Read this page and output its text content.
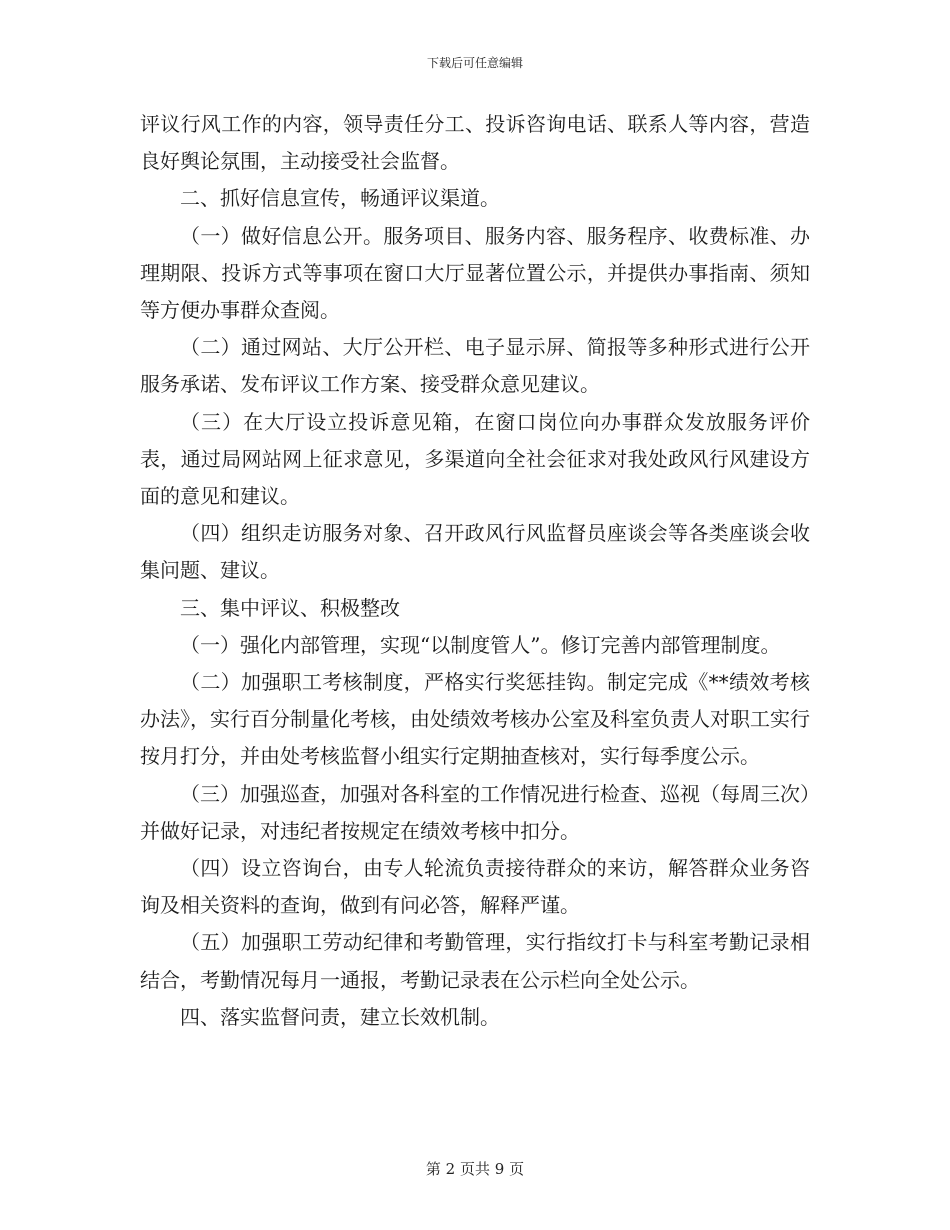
下载后可任意编辑

评议行风工作的内容，领导责任分工、投诉咨询电话、联系人等内容，营造良好舆论氛围，主动接受社会监督。

二、抓好信息宣传，畅通评议渠道。

（一）做好信息公开。服务项目、服务内容、服务程序、收费标准、办理期限、投诉方式等事项在窗口大厅显著位置公示，并提供办事指南、须知等方便办事群众查阅。

（二）通过网站、大厅公开栏、电子显示屏、简报等多种形式进行公开服务承诺、发布评议工作方案、接受群众意见建议。

（三）在大厅设立投诉意见箱，在窗口岗位向办事群众发放服务评价表，通过局网站网上征求意见，多渠道向全社会征求对我处政风行风建设方面的意见和建议。

（四）组织走访服务对象、召开政风行风监督员座谈会等各类座谈会收集问题、建议。

三、集中评议、积极整改

（一）强化内部管理，实现“以制度管人”。修订完善内部管理制度。

（二）加强职工考核制度，严格实行奖惩挂钩。制定完成《**绩效考核办法》，实行百分制量化考核，由处绩效考核办公室及科室负责人对职工实行按月打分，并由处考核监督小组实行定期抽查核对，实行每季度公示。

（三）加强巡查，加强对各科室的工作情况进行检查、巡视（每周三次）并做好记录，对违纪者按规定在绩效考核中扣分。

（四）设立咨询台，由专人轮流负责接待群众的来访，解答群众业务咨询及相关资料的查询，做到有问必答，解释严谨。

（五）加强职工劳动纪律和考勤管理，实行指纹打卡与科室考勤记录相结合，考勤情况每月一通报，考勤记录表在公示栏向全处公示。

四、落实监督问责，建立长效机制。

第 2 页共 9 页
